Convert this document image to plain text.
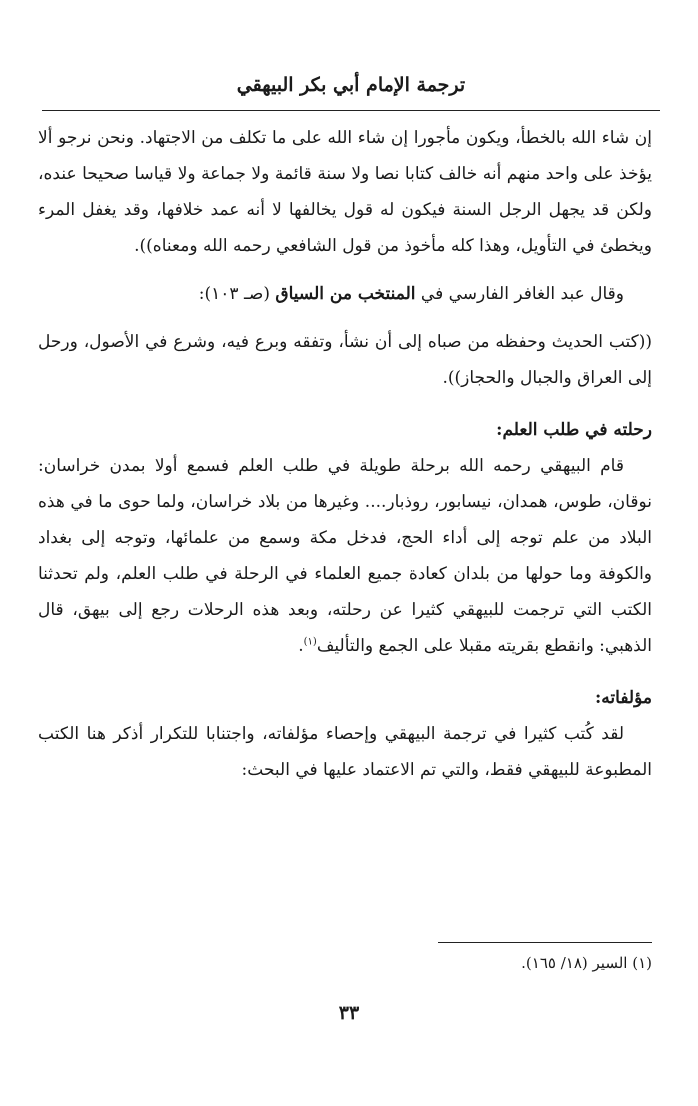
ترجمة الإمام أبي بكر البيهقي

إن شاء الله بالخطأ، ويكون مأجورا إن شاء الله على ما تكلف من الاجتهاد. ونحن نرجو ألا يؤخذ على واحد منهم أنه خالف كتابا نصا ولا سنة قائمة ولا جماعة ولا قياسا صحيحا عنده، ولكن قد يجهل الرجل السنة فيكون له قول يخالفها لا أنه عمد خلافها، وقد يغفل المرء ويخطئ في التأويل، وهذا كله مأخوذ من قول الشافعي رحمه الله ومعناه)).

وقال عبد الغافر الفارسي في المنتخب من السياق (صـ ١٠٣):

((كتب الحديث وحفظه من صباه إلى أن نشأ، وتفقه وبرع فيه، وشرع في الأصول، ورحل إلى العراق والجبال والحجاز)).

رحلته في طلب العلم:

قام البيهقي رحمه الله برحلة طويلة في طلب العلم فسمع أولا بمدن خراسان: نوقان، طوس، همدان، نيسابور، روذبار.... وغيرها من بلاد خراسان، ولما حوى ما في هذه البلاد من علم توجه إلى أداء الحج، فدخل مكة وسمع من علمائها، وتوجه إلى بغداد والكوفة وما حولها من بلدان كعادة جميع العلماء في الرحلة في طلب العلم، ولم تحدثنا الكتب التي ترجمت للبيهقي كثيرا عن رحلته، وبعد هذه الرحلات رجع إلى بيهق، قال الذهبي: وانقطع بقريته مقبلا على الجمع والتأليف$^{(١)}$.

مؤلفاته:

لقد كُتب كثيرا في ترجمة البيهقي وإحصاء مؤلفاته، واجتنابا للتكرار أذكر هنا الكتب المطبوعة للبيهقي فقط، والتي تم الاعتماد عليها في البحث:

(١) السير (١٨/ ١٦٥).
٣٣
